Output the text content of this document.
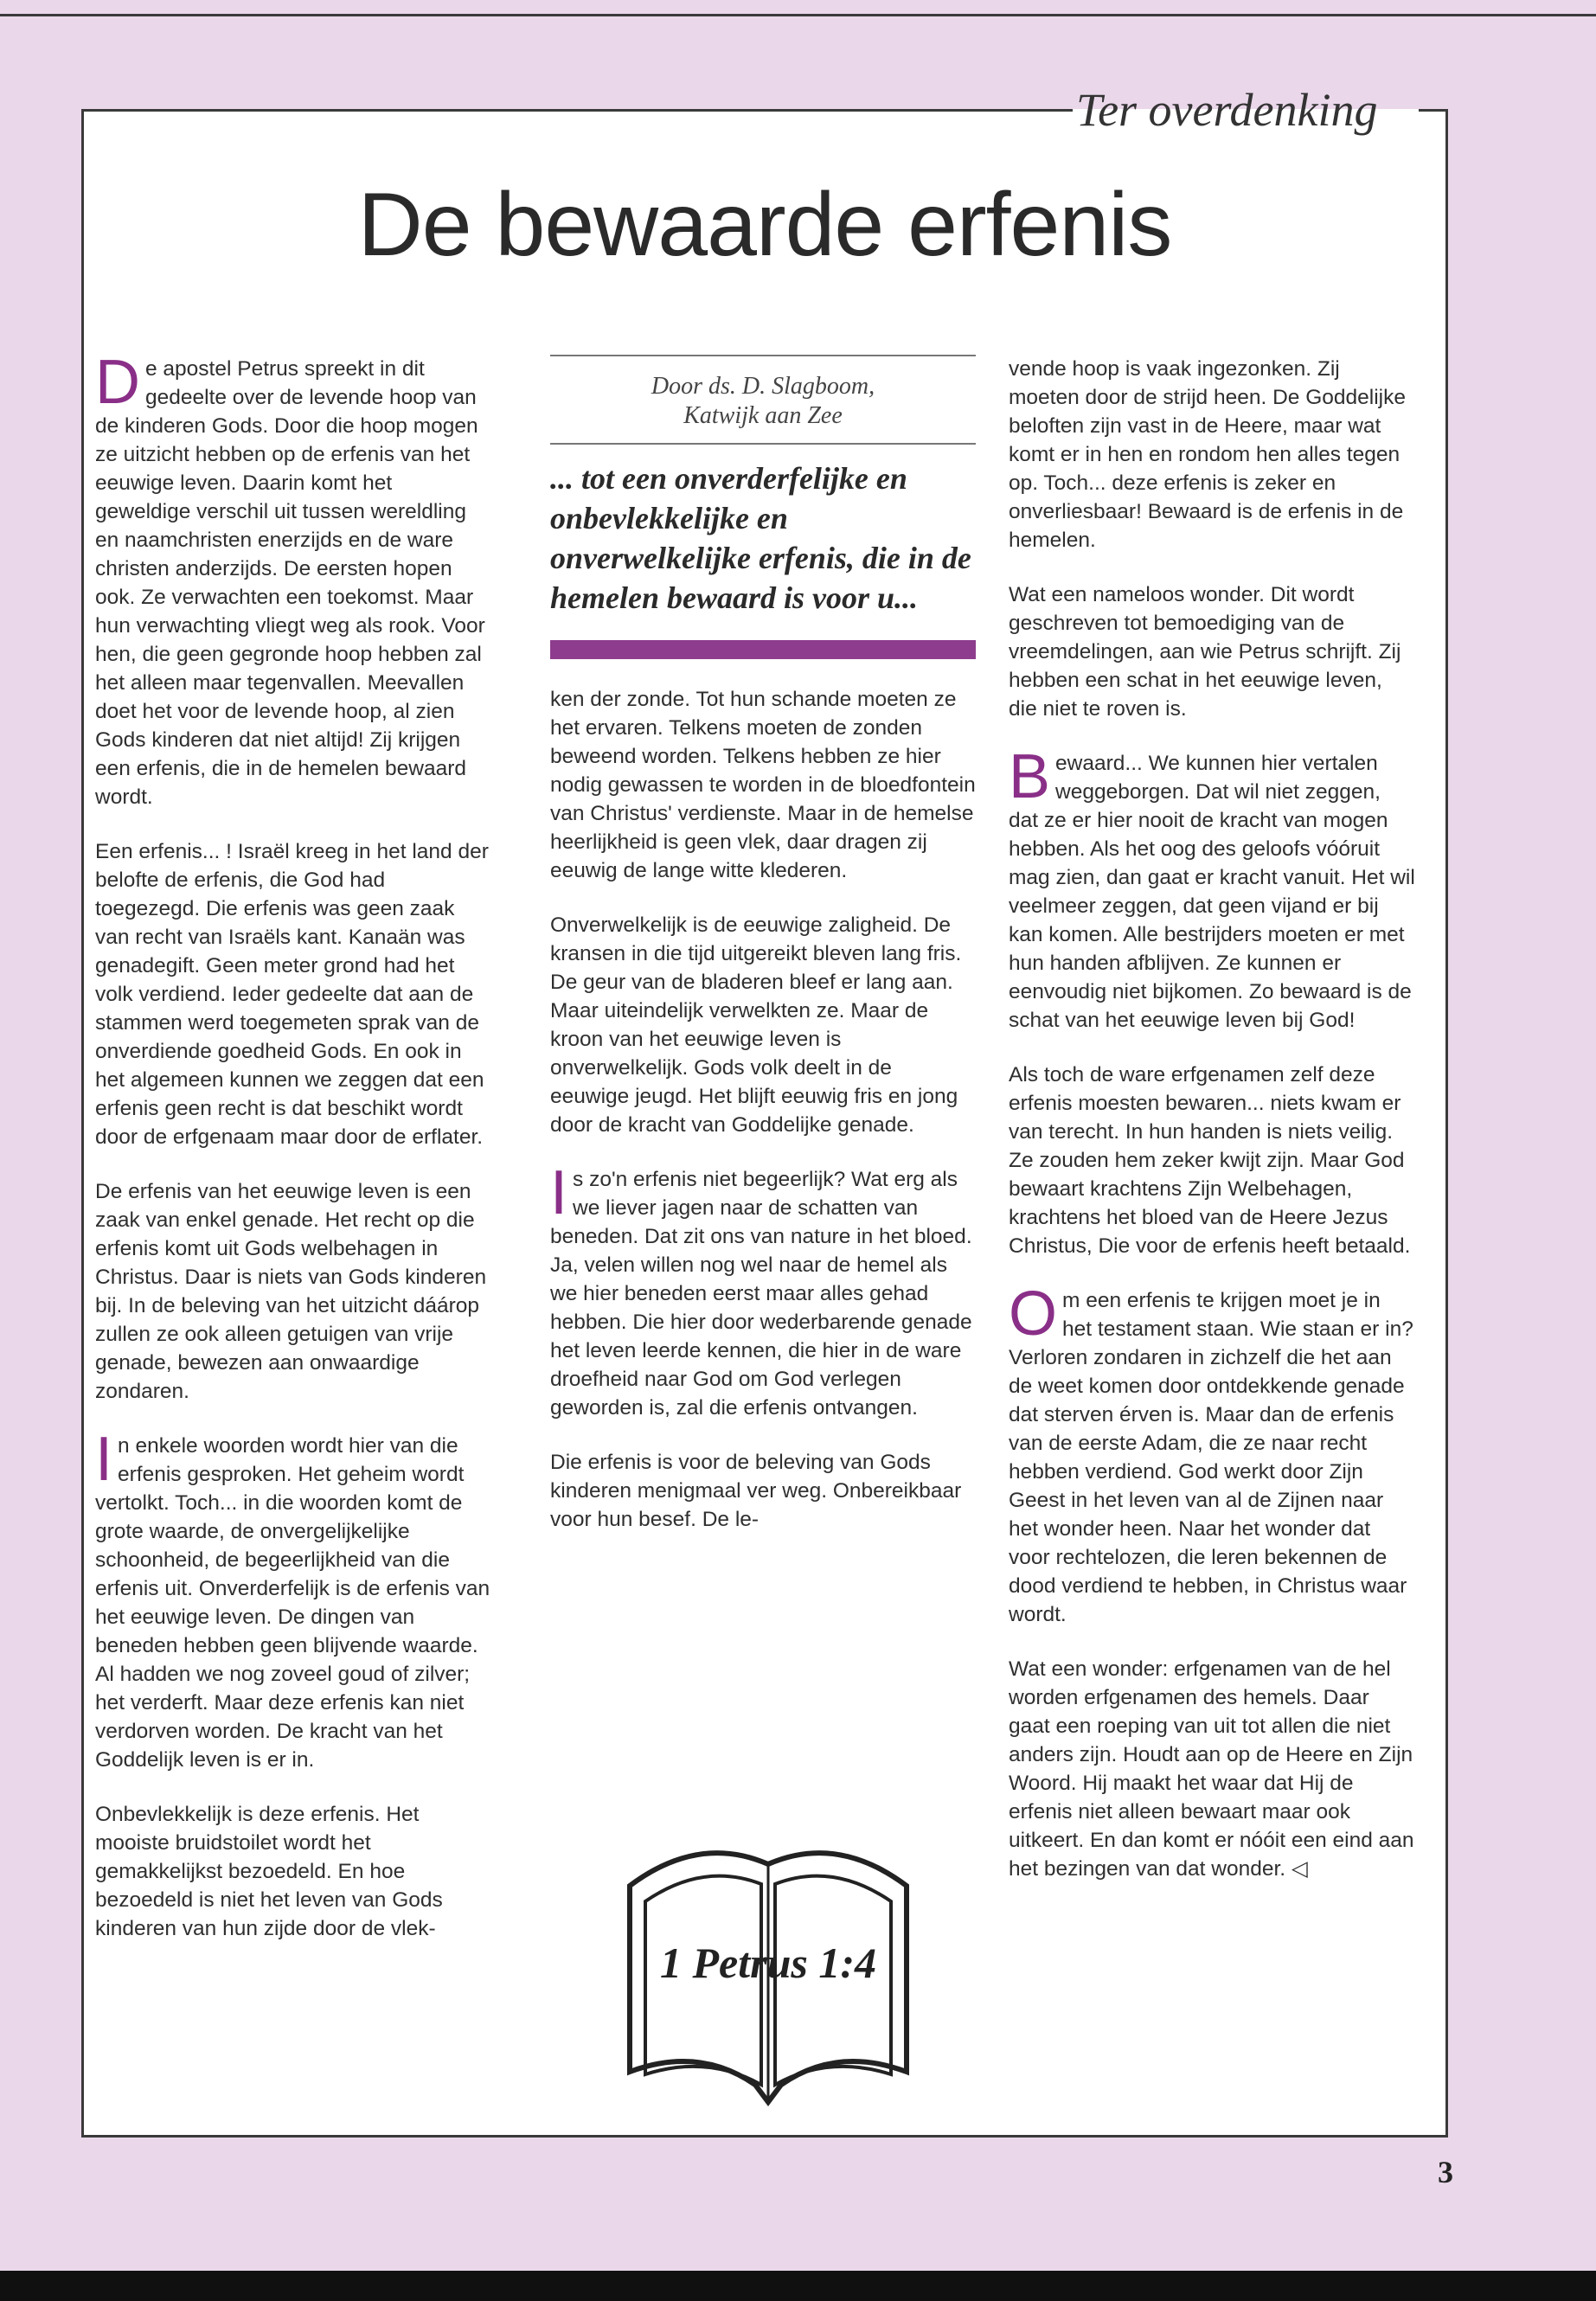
Ter overdenking

De bewaarde erfenis

De apostel Petrus spreekt in dit gedeelte over de levende hoop van de kinderen Gods. Door die hoop mogen ze uitzicht hebben op de erfenis van het eeuwige leven. Daarin komt het geweldige verschil uit tussen wereldling en naamchristen enerzijds en de ware christen anderzijds. De eersten hopen ook. Ze verwachten een toekomst. Maar hun verwachting vliegt weg als rook. Voor hen, die geen gegronde hoop hebben zal het alleen maar tegenvallen. Meevallen doet het voor de levende hoop, al zien Gods kinderen dat niet altijd! Zij krijgen een erfenis, die in de hemelen bewaard wordt.

Een erfenis... ! Israël kreeg in het land der belofte de erfenis, die God had toegezegd. Die erfenis was geen zaak van recht van Israëls kant. Kanaän was genadegift. Geen meter grond had het volk verdiend. Ieder gedeelte dat aan de stammen werd toegemeten sprak van de onverdiende goedheid Gods. En ook in het algemeen kunnen we zeggen dat een erfenis geen recht is dat beschikt wordt door de erfgenaam maar door de erflater.

De erfenis van het eeuwige leven is een zaak van enkel genade. Het recht op die erfenis komt uit Gods welbehagen in Christus. Daar is niets van Gods kinderen bij. In de beleving van het uitzicht dáárop zullen ze ook alleen getuigen van vrije genade, bewezen aan onwaardige zondaren.

In enkele woorden wordt hier van die erfenis gesproken. Het geheim wordt vertolkt. Toch... in die woorden komt de grote waarde, de onvergelijkelijke schoonheid, de begeerlijkheid van die erfenis uit. Onverderfelijk is de erfenis van het eeuwige leven. De dingen van beneden hebben geen blijvende waarde. Al hadden we nog zoveel goud of zilver; het verderft. Maar deze erfenis kan niet verdorven worden. De kracht van het Goddelijk leven is er in.

Onbevlekkelijk is deze erfenis. Het mooiste bruidstoilet wordt het gemakkelijkst bezoedeld. En hoe bezoedeld is niet het leven van Gods kinderen van hun zijde door de vlek-

Door ds. D. Slagboom,
Katwijk aan Zee
... tot een onverderfelijke en onbevlekkelijke en onverwelkelijke erfenis, die in de hemelen bewaard is voor u...

ken der zonde. Tot hun schande moeten ze het ervaren. Telkens moeten de zonden beweend worden. Telkens hebben ze hier nodig gewassen te worden in de bloedfontein van Christus' verdienste. Maar in de hemelse heerlijkheid is geen vlek, daar dragen zij eeuwig de lange witte klederen.

Onverwelkelijk is de eeuwige zaligheid. De kransen in die tijd uitgereikt bleven lang fris. De geur van de bladeren bleef er lang aan. Maar uiteindelijk verwelkten ze. Maar de kroon van het eeuwige leven is onverwelkelijk. Gods volk deelt in de eeuwige jeugd. Het blijft eeuwig fris en jong door de kracht van Goddelijke genade.

Is zo'n erfenis niet begeerlijk? Wat erg als we liever jagen naar de schatten van beneden. Dat zit ons van nature in het bloed. Ja, velen willen nog wel naar de hemel als we hier beneden eerst maar alles gehad hebben. Die hier door wederbarende genade het leven leerde kennen, die hier in de ware droefheid naar God om God verlegen geworden is, zal die erfenis ontvangen.

Die erfenis is voor de beleving van Gods kinderen menigmaal ver weg. Onbereikbaar voor hun besef. De le-

1 Petrus 1:4

vende hoop is vaak ingezonken. Zij moeten door de strijd heen. De Goddelijke beloften zijn vast in de Heere, maar wat komt er in hen en rondom hen alles tegen op. Toch... deze erfenis is zeker en onverliesbaar! Bewaard is de erfenis in de hemelen.

Wat een nameloos wonder. Dit wordt geschreven tot bemoediging van de vreemdelingen, aan wie Petrus schrijft. Zij hebben een schat in het eeuwige leven, die niet te roven is.

Bewaard... We kunnen hier vertalen weggeborgen. Dat wil niet zeggen, dat ze er hier nooit de kracht van mogen hebben. Als het oog des geloofs vóóruit mag zien, dan gaat er kracht vanuit. Het wil veelmeer zeggen, dat geen vijand er bij kan komen. Alle bestrijders moeten er met hun handen afblijven. Ze kunnen er eenvoudig niet bijkomen. Zo bewaard is de schat van het eeuwige leven bij God!

Als toch de ware erfgenamen zelf deze erfenis moesten bewaren... niets kwam er van terecht. In hun handen is niets veilig. Ze zouden hem zeker kwijt zijn. Maar God bewaart krachtens Zijn Welbehagen, krachtens het bloed van de Heere Jezus Christus, Die voor de erfenis heeft betaald.

Om een erfenis te krijgen moet je in het testament staan. Wie staan er in? Verloren zondaren in zichzelf die het aan de weet komen door ontdekkende genade dat sterven érven is. Maar dan de erfenis van de eerste Adam, die ze naar recht hebben verdiend. God werkt door Zijn Geest in het leven van al de Zijnen naar het wonder heen. Naar het wonder dat voor rechtelozen, die leren bekennen de dood verdiend te hebben, in Christus waar wordt.

Wat een wonder: erfgenamen van de hel worden erfgenamen des hemels. Daar gaat een roeping van uit tot allen die niet anders zijn. Houdt aan op de Heere en Zijn Woord. Hij maakt het waar dat Hij de erfenis niet alleen bewaart maar ook uitkeert. En dan komt er nóóit een eind aan het bezingen van dat wonder. ◁

3
